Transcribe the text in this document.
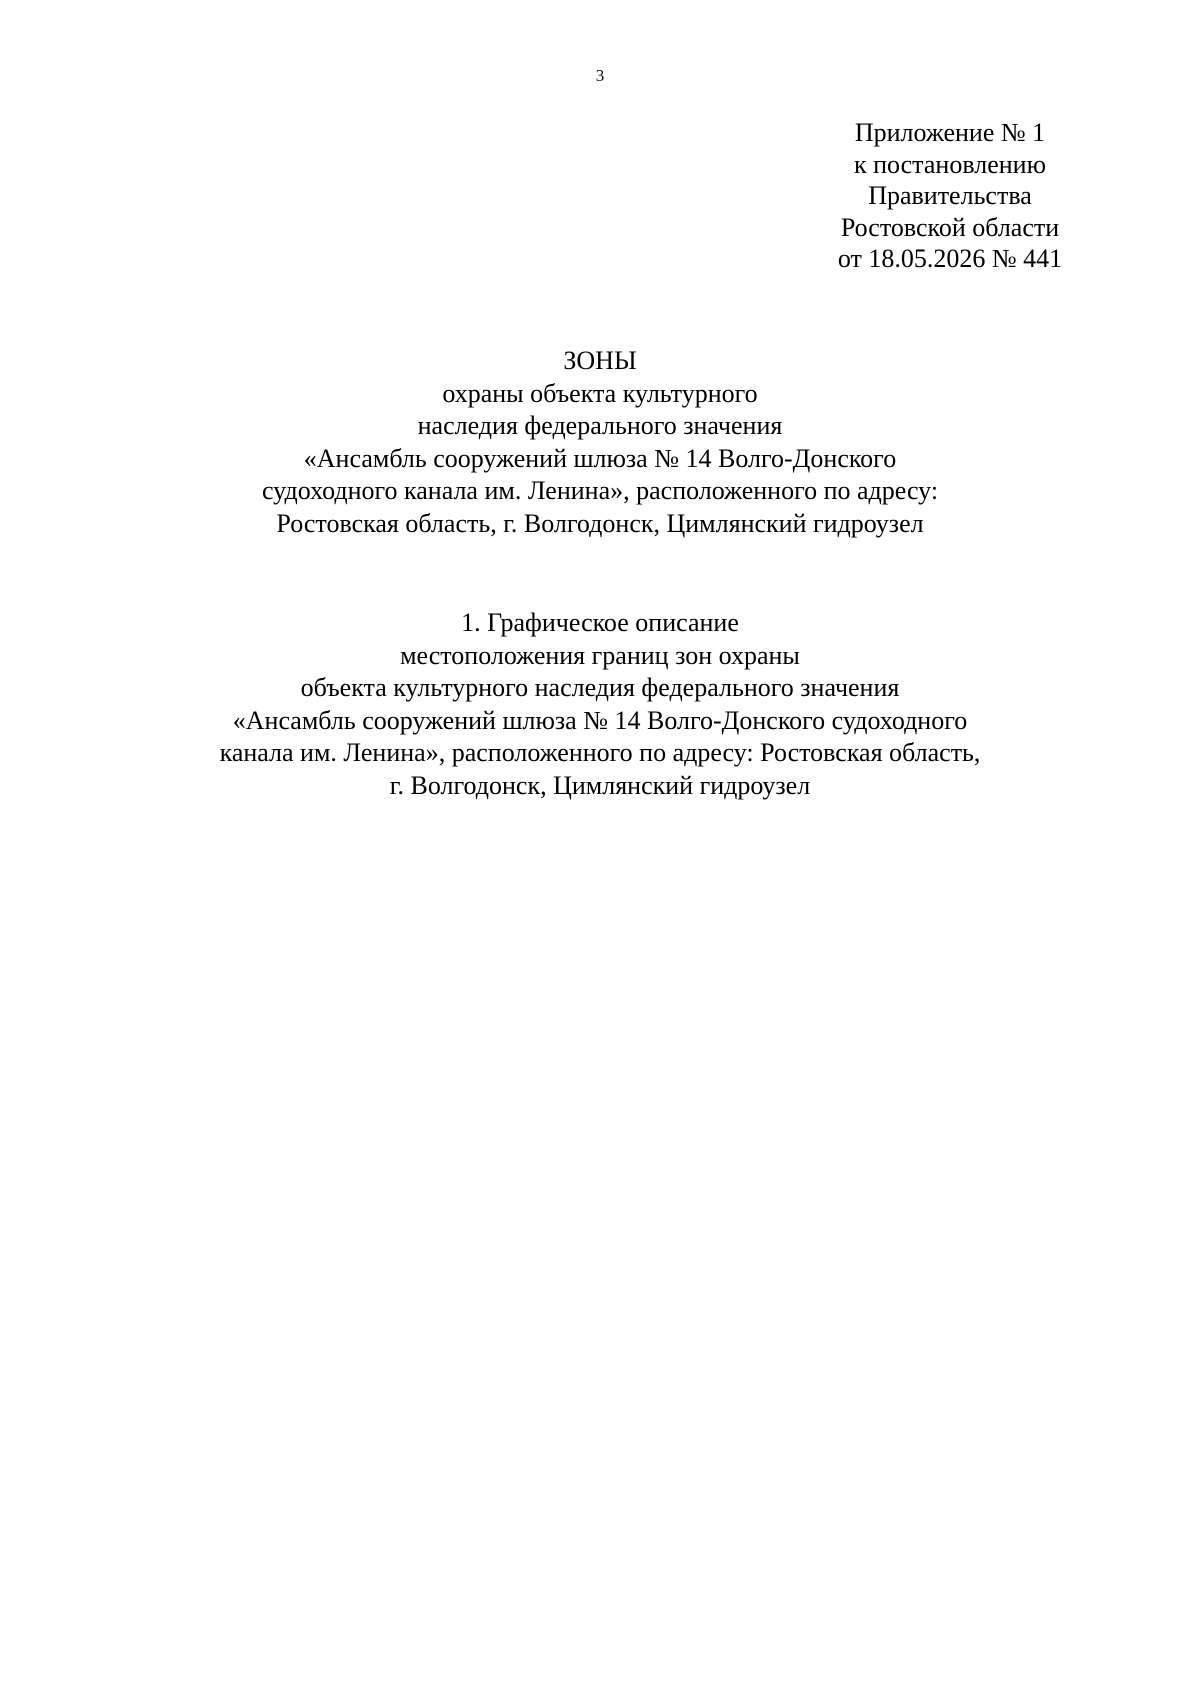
3
Приложение № 1
к постановлению
Правительства
Ростовской области
от 18.05.2026 № 441
ЗОНЫ
охраны объекта культурного
наследия федерального значения
«Ансамбль сооружений шлюза № 14 Волго-Донского
судоходного канала им. Ленина», расположенного по адресу:
Ростовская область, г. Волгодонск, Цимлянский гидроузел
1. Графическое описание
местоположения границ зон охраны
объекта культурного наследия федерального значения
«Ансамбль сооружений шлюза № 14 Волго-Донского судоходного
канала им. Ленина», расположенного по адресу: Ростовская область,
г. Волгодонск, Цимлянский гидроузел
